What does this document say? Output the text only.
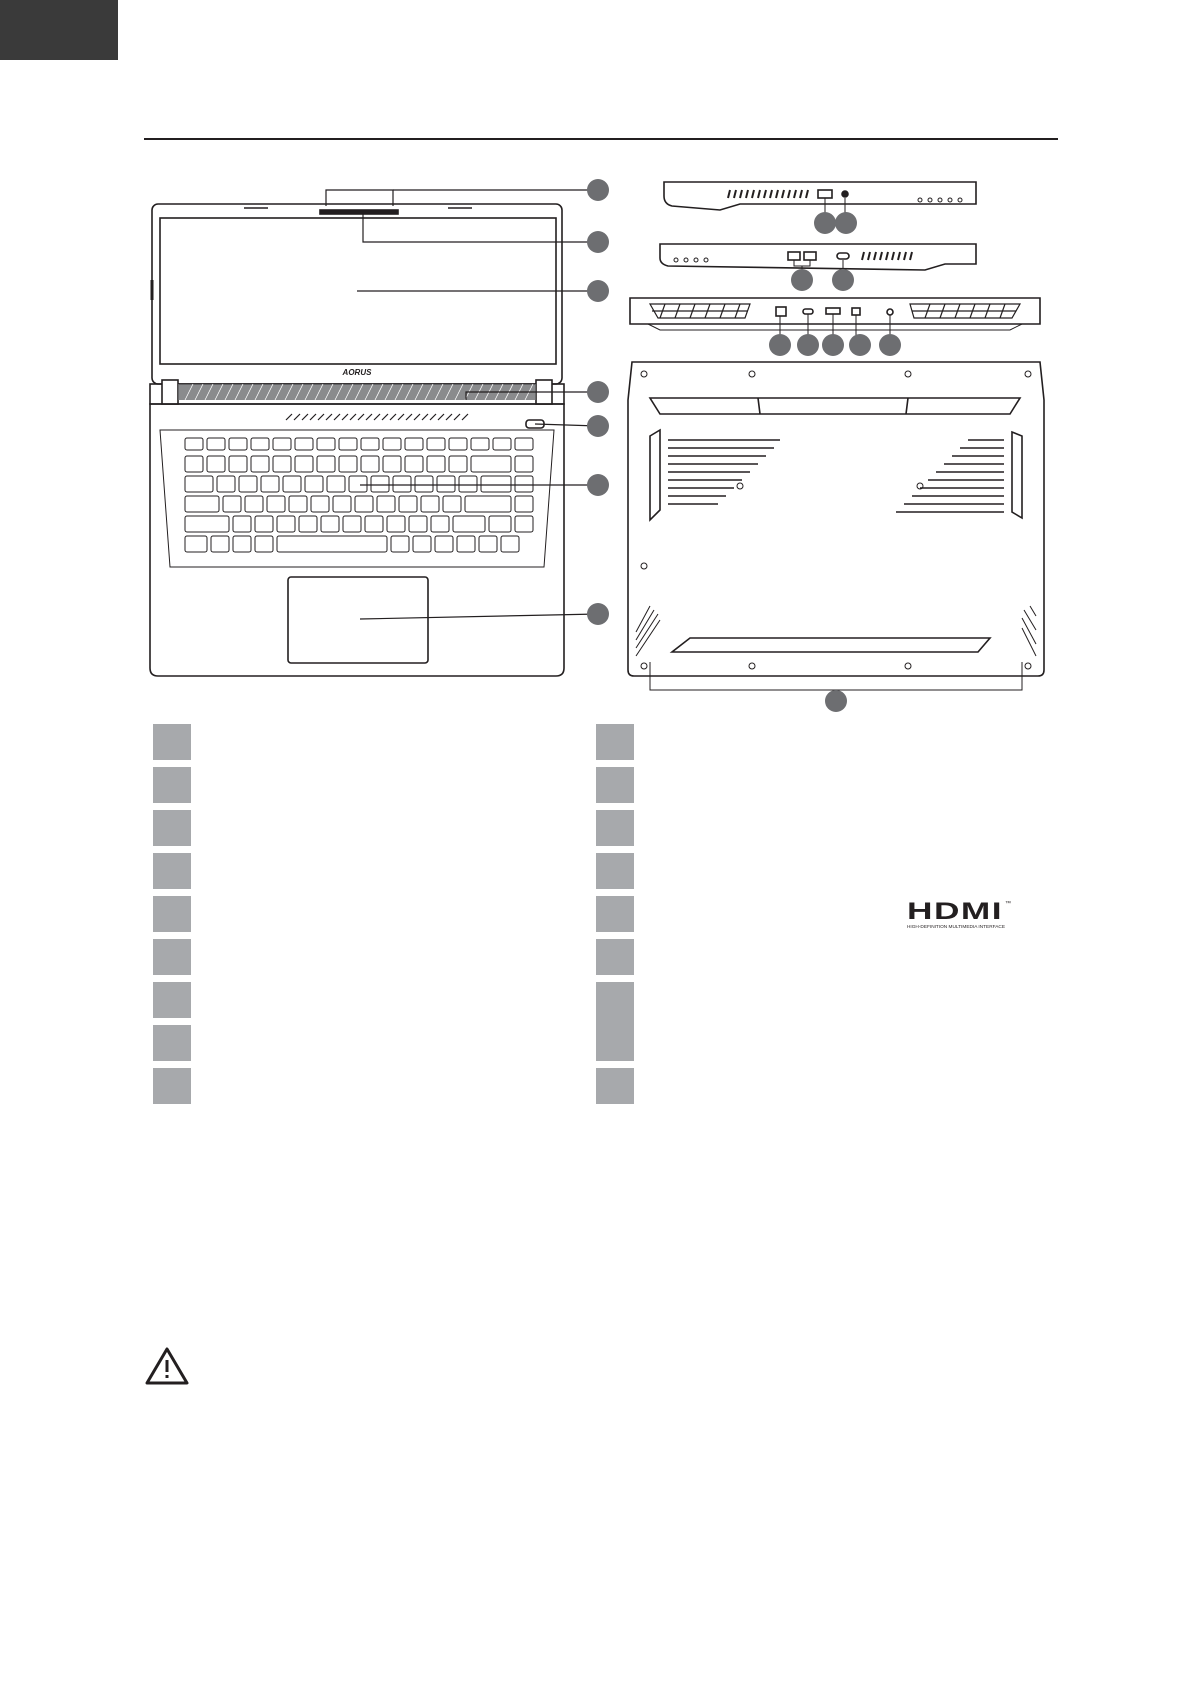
AORUS
HDMI ™
HIGH-DEFINITION MULTIMEDIA INTERFACE
